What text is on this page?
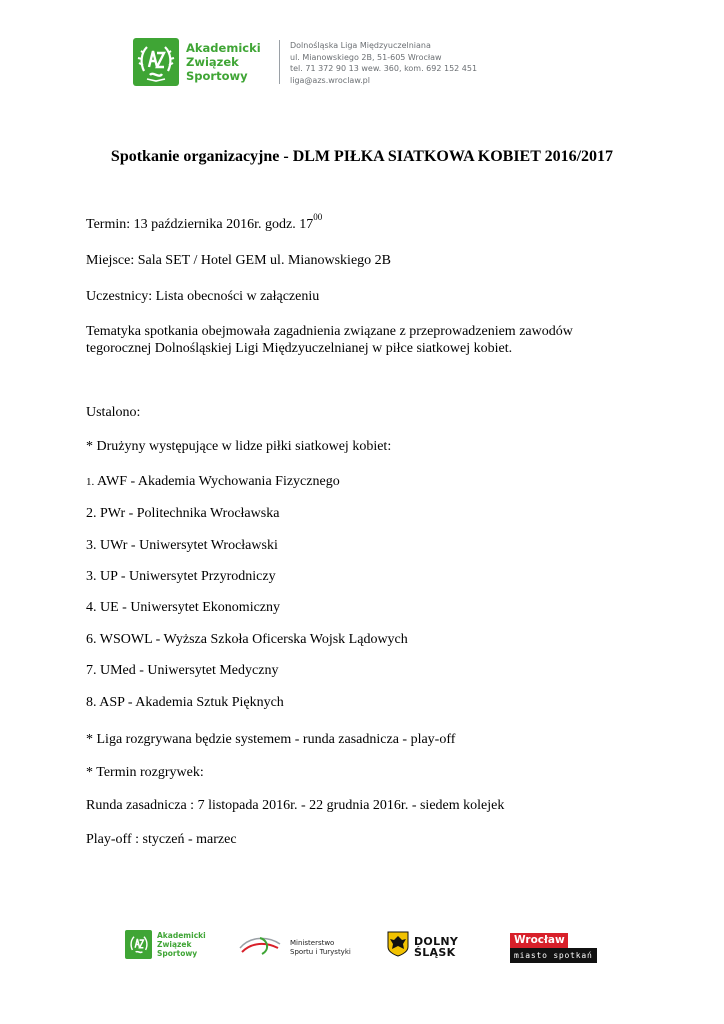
Akademicki
Związek
Sportowy
Dolnośląska Liga Międzyuczelniana
ul. Mianowskiego 2B, 51-605 Wrocław
tel. 71 372 90 13 wew. 360, kom. 692 152 451
liga@azs.wroclaw.pl
Spotkanie organizacyjne - DLM PIŁKA SIATKOWA KOBIET 2016/2017
Termin: 13 października 2016r. godz. $17^{00}$
Miejsce: Sala SET / Hotel GEM ul. Mianowskiego 2B
Uczestnicy: Lista obecności w załączeniu
Tematyka spotkania obejmowała zagadnienia związane z przeprowadzeniem zawodów
tegorocznej Dolnośląskiej Ligi Międzyuczelnianej w piłce siatkowej kobiet.
Ustalono:
* Drużyny występujące w lidze piłki siatkowej kobiet:
1. AWF - Akademia Wychowania Fizycznego
2. PWr - Politechnika Wrocławska
3. UWr - Uniwersytet Wrocławski
3. UP - Uniwersytet Przyrodniczy
4. UE - Uniwersytet Ekonomiczny
6. WSOWL - Wyższa Szkoła Oficerska Wojsk Lądowych
7. UMed - Uniwersytet Medyczny
8. ASP - Akademia Sztuk Pięknych
* Liga rozgrywana będzie systemem - runda zasadnicza - play-off
* Termin rozgrywek:
Runda zasadnicza : 7 listopada 2016r. - 22 grudnia 2016r. - siedem kolejek
Play-off : styczeń - marzec
Akademicki
Związek
Sportowy
Ministerstwo
Sportu i Turystyki
DOLNY
ŚLĄSK
Wrocław
miasto spotkań
